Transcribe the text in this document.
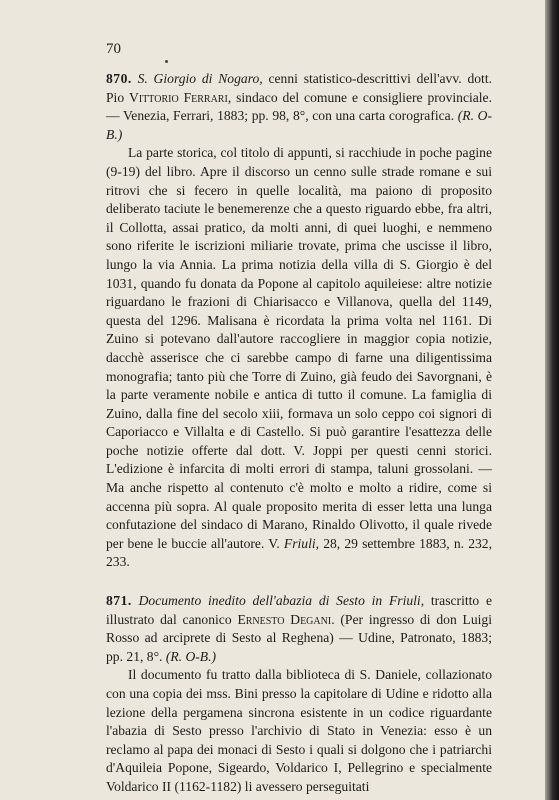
70

870. S. Giorgio di Nogaro, cenni statistico-descrittivi dell'avv. dott. Pio Vittorio Ferrari, sindaco del comune e consigliere provinciale. — Venezia, Ferrari, 1883; pp. 98, 8°, con una carta corografica. (R. O-B.)

La parte storica, col titolo di appunti, si racchiude in poche pagine (9-19) del libro. Apre il discorso un cenno sulle strade romane e sui ritrovi che si fecero in quelle località, ma paiono di proposito deliberato taciute le benemerenze che a questo riguardo ebbe, fra altri, il Collotta, assai pratico, da molti anni, di quei luoghi, e nemmeno sono riferite le iscrizioni miliarie trovate, prima che uscisse il libro, lungo la via Annia. La prima notizia della villa di S. Giorgio è del 1031, quando fu donata da Popone al capitolo aquileiese: altre notizie riguardano le frazioni di Chiarisacco e Villanova, quella del 1149, questa del 1296. Malisana è ricordata la prima volta nel 1161. Di Zuino si potevano dall'autore raccogliere in maggior copia notizie, dacchè asserisce che ci sarebbe campo di farne una diligentissima monografia; tanto più che Torre di Zuino, già feudo dei Savorgnani, è la parte veramente nobile e antica di tutto il comune. La famiglia di Zuino, dalla fine del secolo xiii, formava un solo ceppo coi signori di Caporiacco e Villalta e di Castello. Si può garantire l'esattezza delle poche notizie offerte dal dott. V. Joppi per questi cenni storici. L'edizione è infarcita di molti errori di stampa, taluni grossolani. — Ma anche rispetto al contenuto c'è molto e molto a ridire, come si accenna più sopra. Al quale proposito merita di esser letta una lunga confutazione del sindaco di Marano, Rinaldo Olivotto, il quale rivede per bene le buccie all'autore. V. Friuli, 28, 29 settembre 1883, n. 232, 233.

871. Documento inedito dell'abazia di Sesto in Friuli, trascritto e illustrato dal canonico Ernesto Degani. (Per ingresso di don Luigi Rosso ad arciprete di Sesto al Reghena) — Udine, Patronato, 1883; pp. 21, 8°. (R. O-B.)

Il documento fu tratto dalla biblioteca di S. Daniele, collazionato con una copia dei mss. Bini presso la capitolare di Udine e ridotto alla lezione della pergamena sincrona esistente in un codice riguardante l'abazia di Sesto presso l'archivio di Stato in Venezia: esso è un reclamo al papa dei monaci di Sesto i quali si dolgono che i patriarchi d'Aquileia Popone, Sigeardo, Voldarico I, Pellegrino e specialmente Voldarico II (1162-1182) li avessero perseguitati
